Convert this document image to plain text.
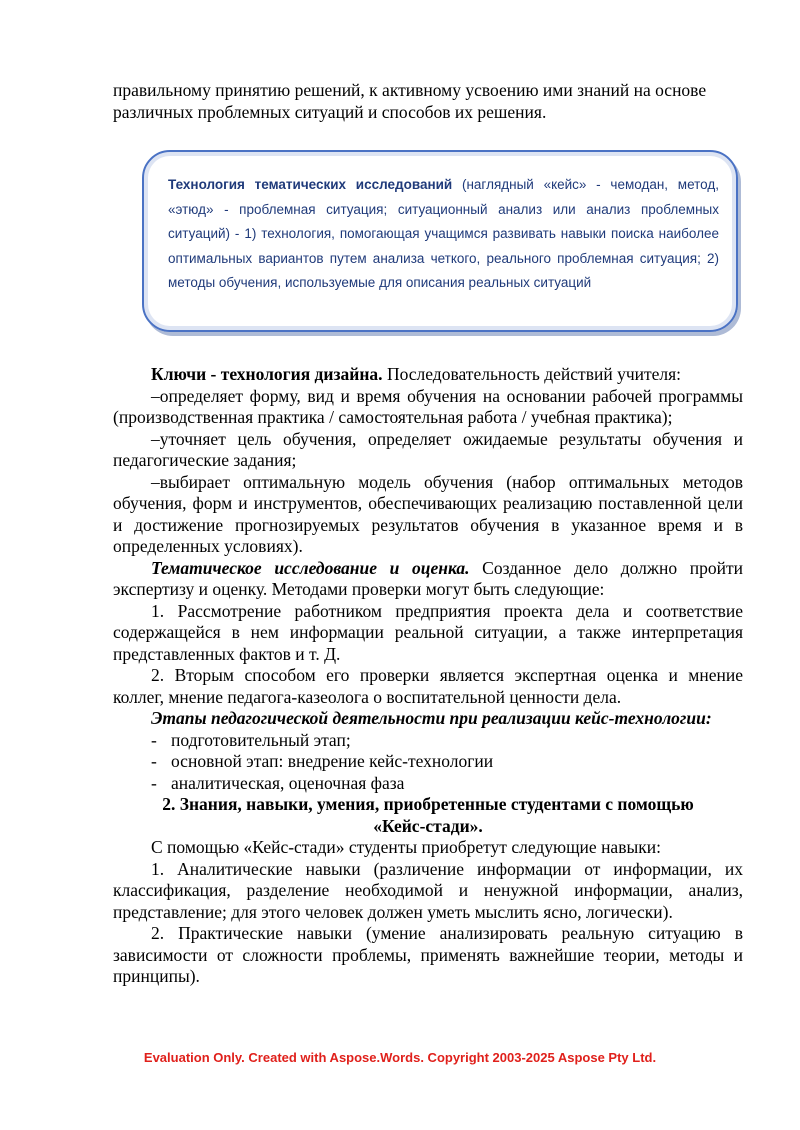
правильному принятию решений, к активному усвоению ими знаний на основе

различных проблемных ситуаций и способов их решения.

Технология тематических исследований (наглядный «кейс» - чемодан, метод, «этюд» - проблемная ситуация; ситуационный анализ или анализ проблемных ситуаций) - 1) технология, помогающая учащимся развивать навыки поиска наиболее оптимальных вариантов путем анализа четкого, реального проблемная ситуация; 2) методы обучения, используемые для описания реальных ситуаций

Ключи - технология дизайна. Последовательность действий учителя:

–определяет форму, вид и время обучения на основании рабочей программы (производственная практика / самостоятельная работа / учебная практика);

–уточняет цель обучения, определяет ожидаемые результаты обучения и педагогические задания;

–выбирает оптимальную модель обучения (набор оптимальных методов обучения, форм и инструментов, обеспечивающих реализацию поставленной цели и достижение прогнозируемых результатов обучения в указанное время и в определенных условиях).

Тематическое исследование и оценка. Созданное дело должно пройти экспертизу и оценку. Методами проверки могут быть следующие:

1. Рассмотрение работником предприятия проекта дела и соответствие содержащейся в нем информации реальной ситуации, а также интерпретация представленных фактов и т. Д.

2. Вторым способом его проверки является экспертная оценка и мнение коллег, мнение педагога-казеолога о воспитательной ценности дела.

Этапы педагогической деятельности при реализации кейс-технологии:

- подготовительный этап;
- основной этап: внедрение кейс-технологии
- аналитическая, оценочная фаза

2. Знания, навыки, умения, приобретенные студентами с помощью

«Кейс-стади».

С помощью «Кейс-стади» студенты приобретут следующие навыки:

1. Аналитические навыки (различение информации от информации, их классификация, разделение необходимой и ненужной информации, анализ, представление; для этого человек должен уметь мыслить ясно, логически).

2. Практические навыки (умение анализировать реальную ситуацию в зависимости от сложности проблемы, применять важнейшие теории, методы и принципы).

Evaluation Only. Created with Aspose.Words. Copyright 2003-2025 Aspose Pty Ltd.
